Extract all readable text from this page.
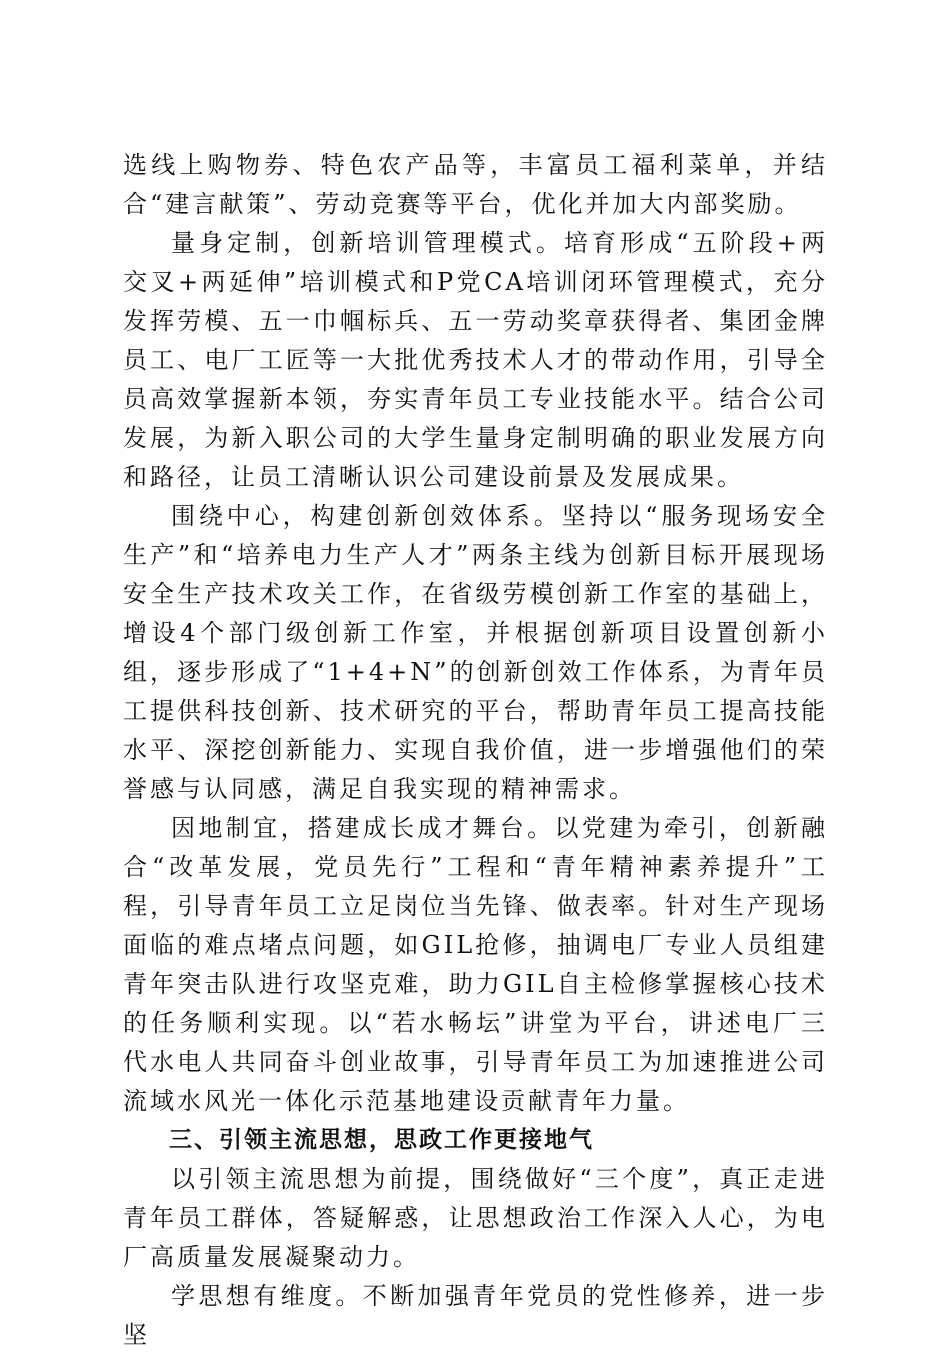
选线上购物券、特色农产品等，丰富员工福利菜单，并结合“建言献策”、劳动竞赛等平台，优化并加大内部奖励。

量身定制，创新培训管理模式。培育形成“五阶段+两交叉+两延伸”培训模式和P党CA培训闭环管理模式，充分发挥劳模、五一巾帼标兵、五一劳动奖章获得者、集团金牌员工、电厂工匠等一大批优秀技术人才的带动作用，引导全员高效掌握新本领，夯实青年员工专业技能水平。结合公司发展，为新入职公司的大学生量身定制明确的职业发展方向和路径，让员工清晰认识公司建设前景及发展成果。

围绕中心，构建创新创效体系。坚持以“服务现场安全生产”和“培养电力生产人才”两条主线为创新目标开展现场安全生产技术攻关工作，在省级劳模创新工作室的基础上，增设4个部门级创新工作室，并根据创新项目设置创新小组，逐步形成了“1+4+N”的创新创效工作体系，为青年员工提供科技创新、技术研究的平台，帮助青年员工提高技能水平、深挖创新能力、实现自我价值，进一步增强他们的荣誉感与认同感，满足自我实现的精神需求。

因地制宜，搭建成长成才舞台。以党建为牵引，创新融合“改革发展，党员先行”工程和“青年精神素养提升”工程，引导青年员工立足岗位当先锋、做表率。针对生产现场面临的难点堵点问题，如GIL抢修，抽调电厂专业人员组建青年突击队进行攻坚克难，助力GIL自主检修掌握核心技术的任务顺利实现。以“若水畅坛”讲堂为平台，讲述电厂三代水电人共同奋斗创业故事，引导青年员工为加速推进公司流域水风光一体化示范基地建设贡献青年力量。

三、引领主流思想，思政工作更接地气

以引领主流思想为前提，围绕做好“三个度”，真正走进青年员工群体，答疑解惑，让思想政治工作深入人心，为电厂高质量发展凝聚动力。

学思想有维度。不断加强青年党员的党性修养，进一步坚
